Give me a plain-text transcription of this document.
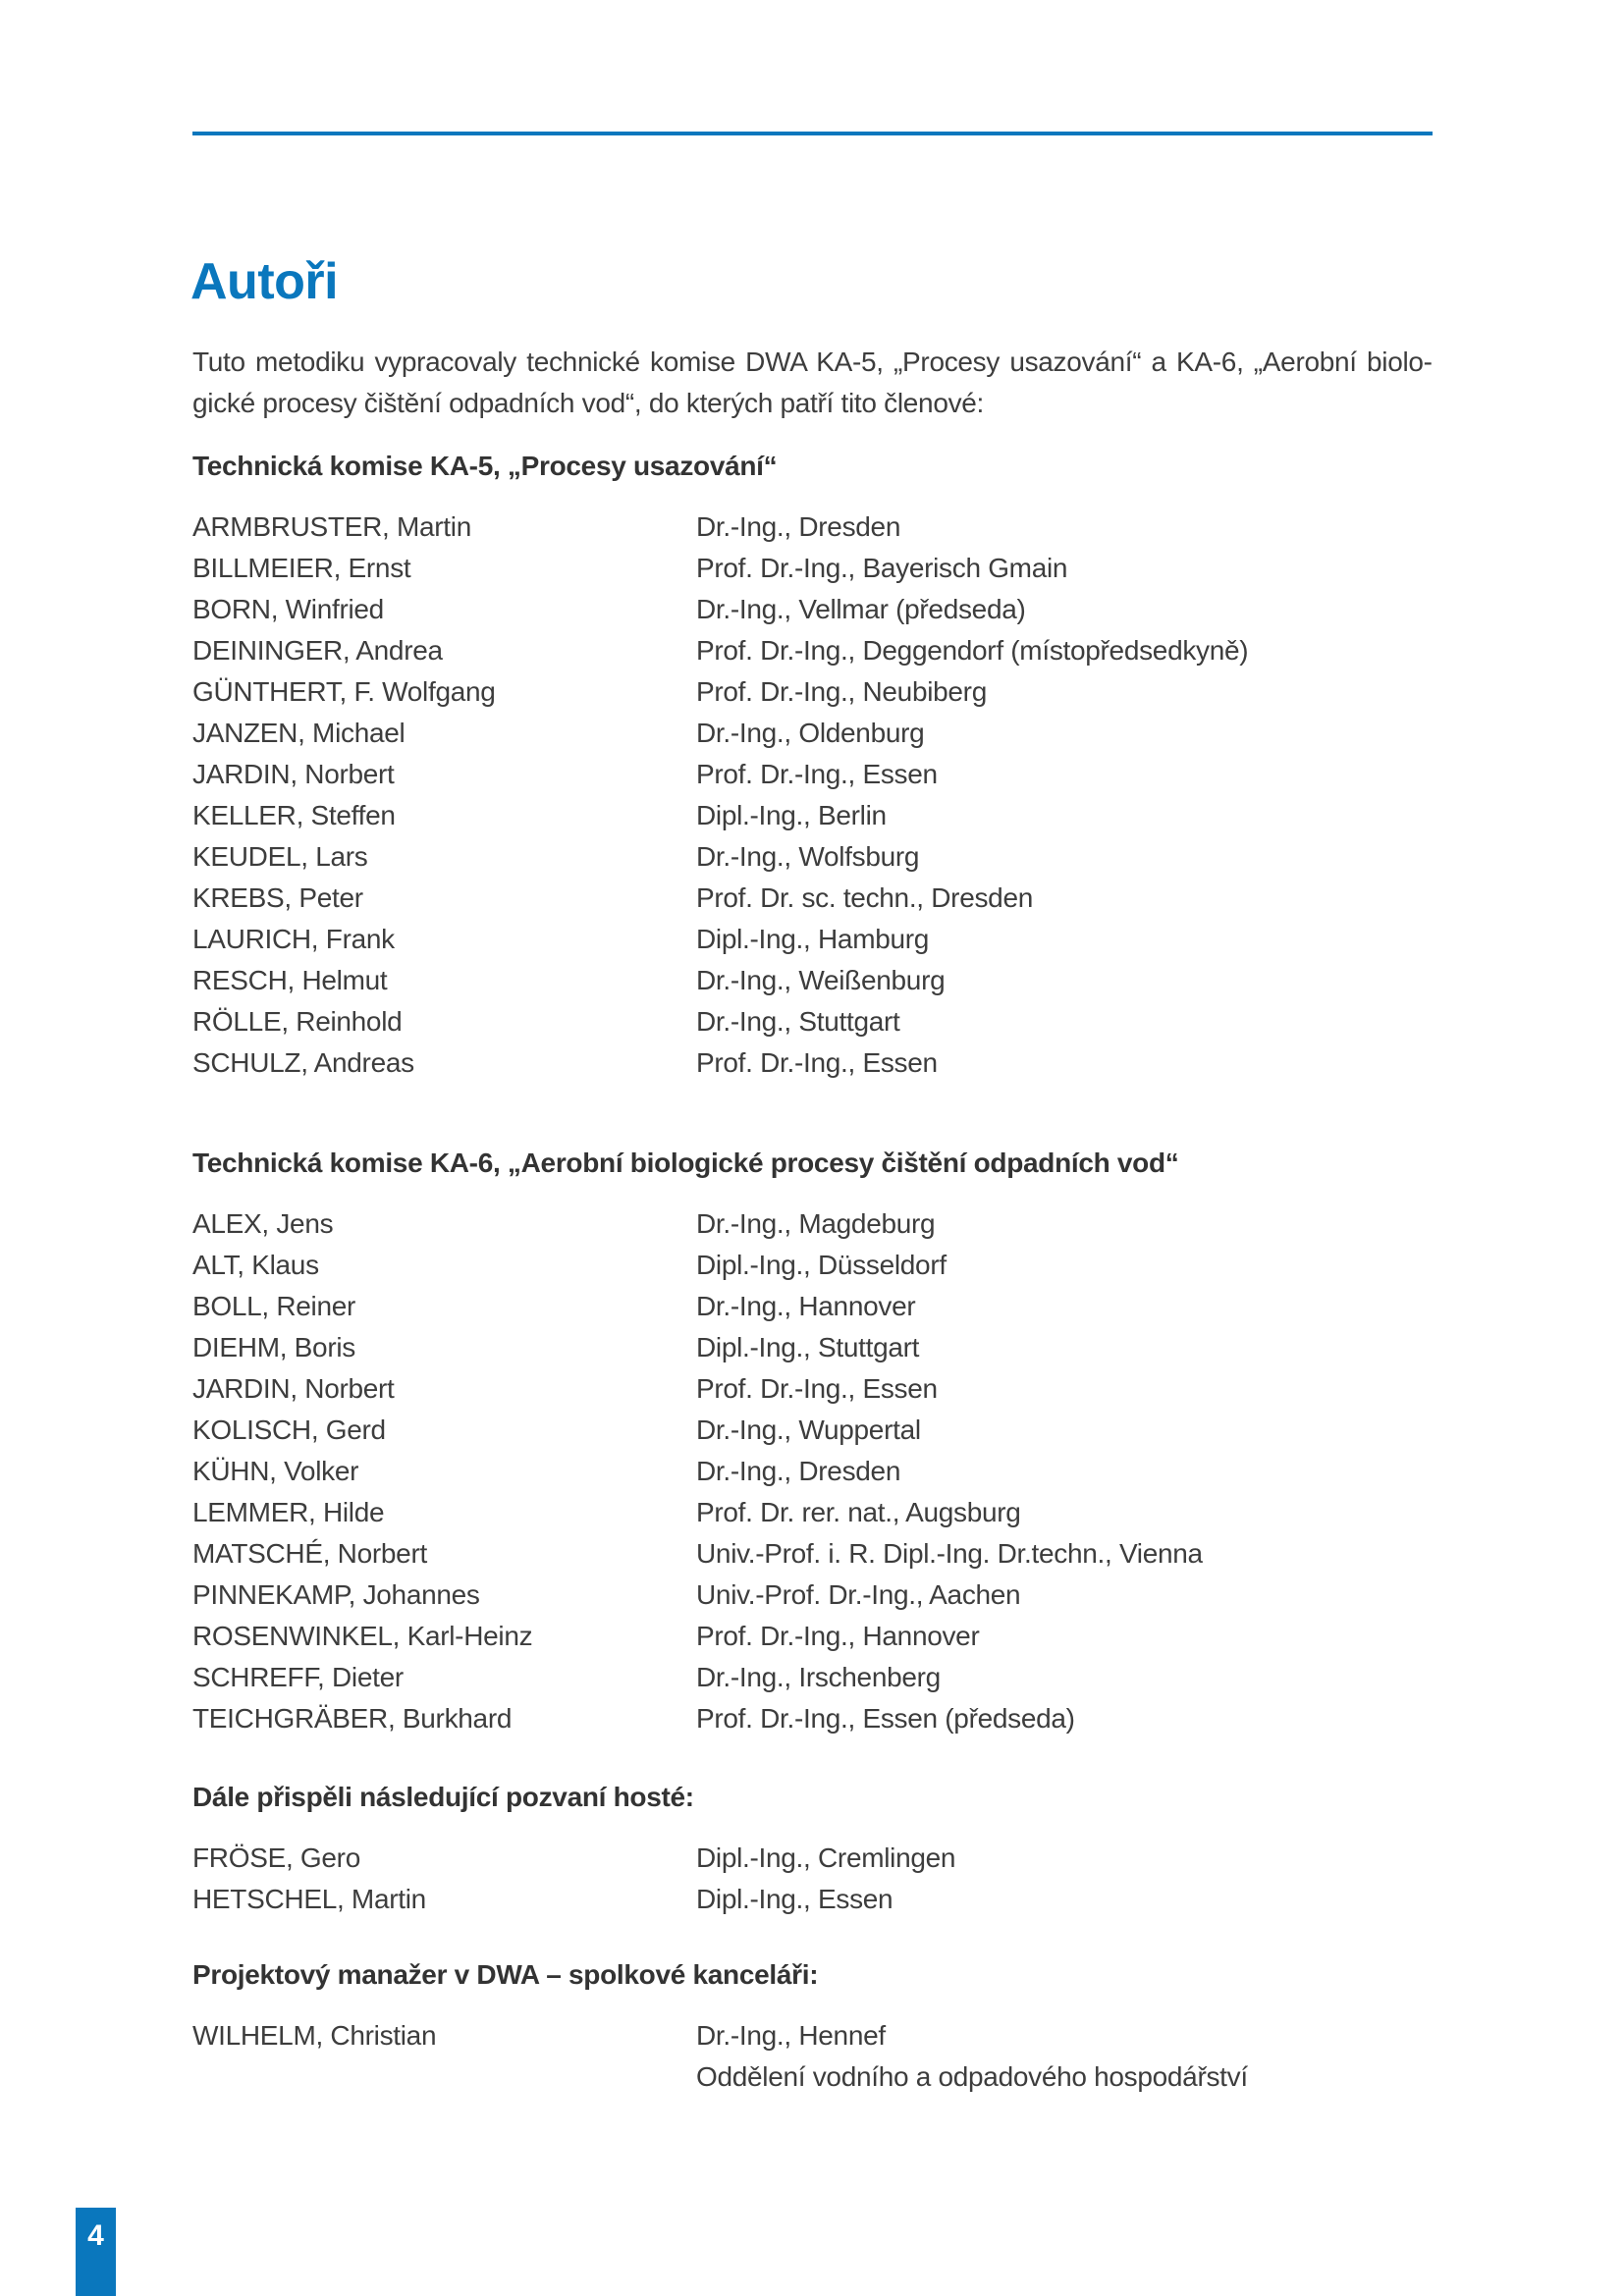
Autoři

Tuto metodiku vypracovaly technické komise DWA KA-5, „Procesy usazování“ a KA-6, „Aerobní biologické procesy čištění odpadních vod“, do kterých patří tito členové:

Technická komise KA-5, „Procesy usazování“
ARMBRUSTER, Martin	Dr.-Ing., Dresden
BILLMEIER, Ernst	Prof. Dr.-Ing., Bayerisch Gmain
BORN, Winfried	Dr.-Ing., Vellmar (předseda)
DEININGER, Andrea	Prof. Dr.-Ing., Deggendorf (místopředsedkyně)
GÜNTHERT, F. Wolfgang	Prof. Dr.-Ing., Neubiberg
JANZEN, Michael	Dr.-Ing., Oldenburg
JARDIN, Norbert	Prof. Dr.-Ing., Essen
KELLER, Steffen	Dipl.-Ing., Berlin
KEUDEL, Lars	Dr.-Ing., Wolfsburg
KREBS, Peter	Prof. Dr. sc. techn., Dresden
LAURICH, Frank	Dipl.-Ing., Hamburg
RESCH, Helmut	Dr.-Ing., Weißenburg
RÖLLE, Reinhold	Dr.-Ing., Stuttgart
SCHULZ, Andreas	Prof. Dr.-Ing., Essen
Technická komise KA-6, „Aerobní biologické procesy čištění odpadních vod“
ALEX, Jens	Dr.-Ing., Magdeburg
ALT, Klaus	Dipl.-Ing., Düsseldorf
BOLL, Reiner	Dr.-Ing., Hannover
DIEHM, Boris	Dipl.-Ing., Stuttgart
JARDIN, Norbert	Prof. Dr.-Ing., Essen
KOLISCH, Gerd	Dr.-Ing., Wuppertal
KÜHN, Volker	Dr.-Ing., Dresden
LEMMER, Hilde	Prof. Dr. rer. nat., Augsburg
MATSCHÉ, Norbert	Univ.-Prof. i. R. Dipl.-Ing. Dr.techn., Vienna
PINNEKAMP, Johannes	Univ.-Prof. Dr.-Ing., Aachen
ROSENWINKEL, Karl-Heinz	Prof. Dr.-Ing., Hannover
SCHREFF, Dieter	Dr.-Ing., Irschenberg
TEICHGRÄBER, Burkhard	Prof. Dr.-Ing., Essen (předseda)
Dále přispěli následující pozvaní hosté:
FRÖSE, Gero	Dipl.-Ing., Cremlingen
HETSCHEL, Martin	Dipl.-Ing., Essen
Projektový manažer v DWA – spolkové kanceláři:
WILHELM, Christian	Dr.-Ing., Hennef
Oddělení vodního a odpadového hospodářství
4
